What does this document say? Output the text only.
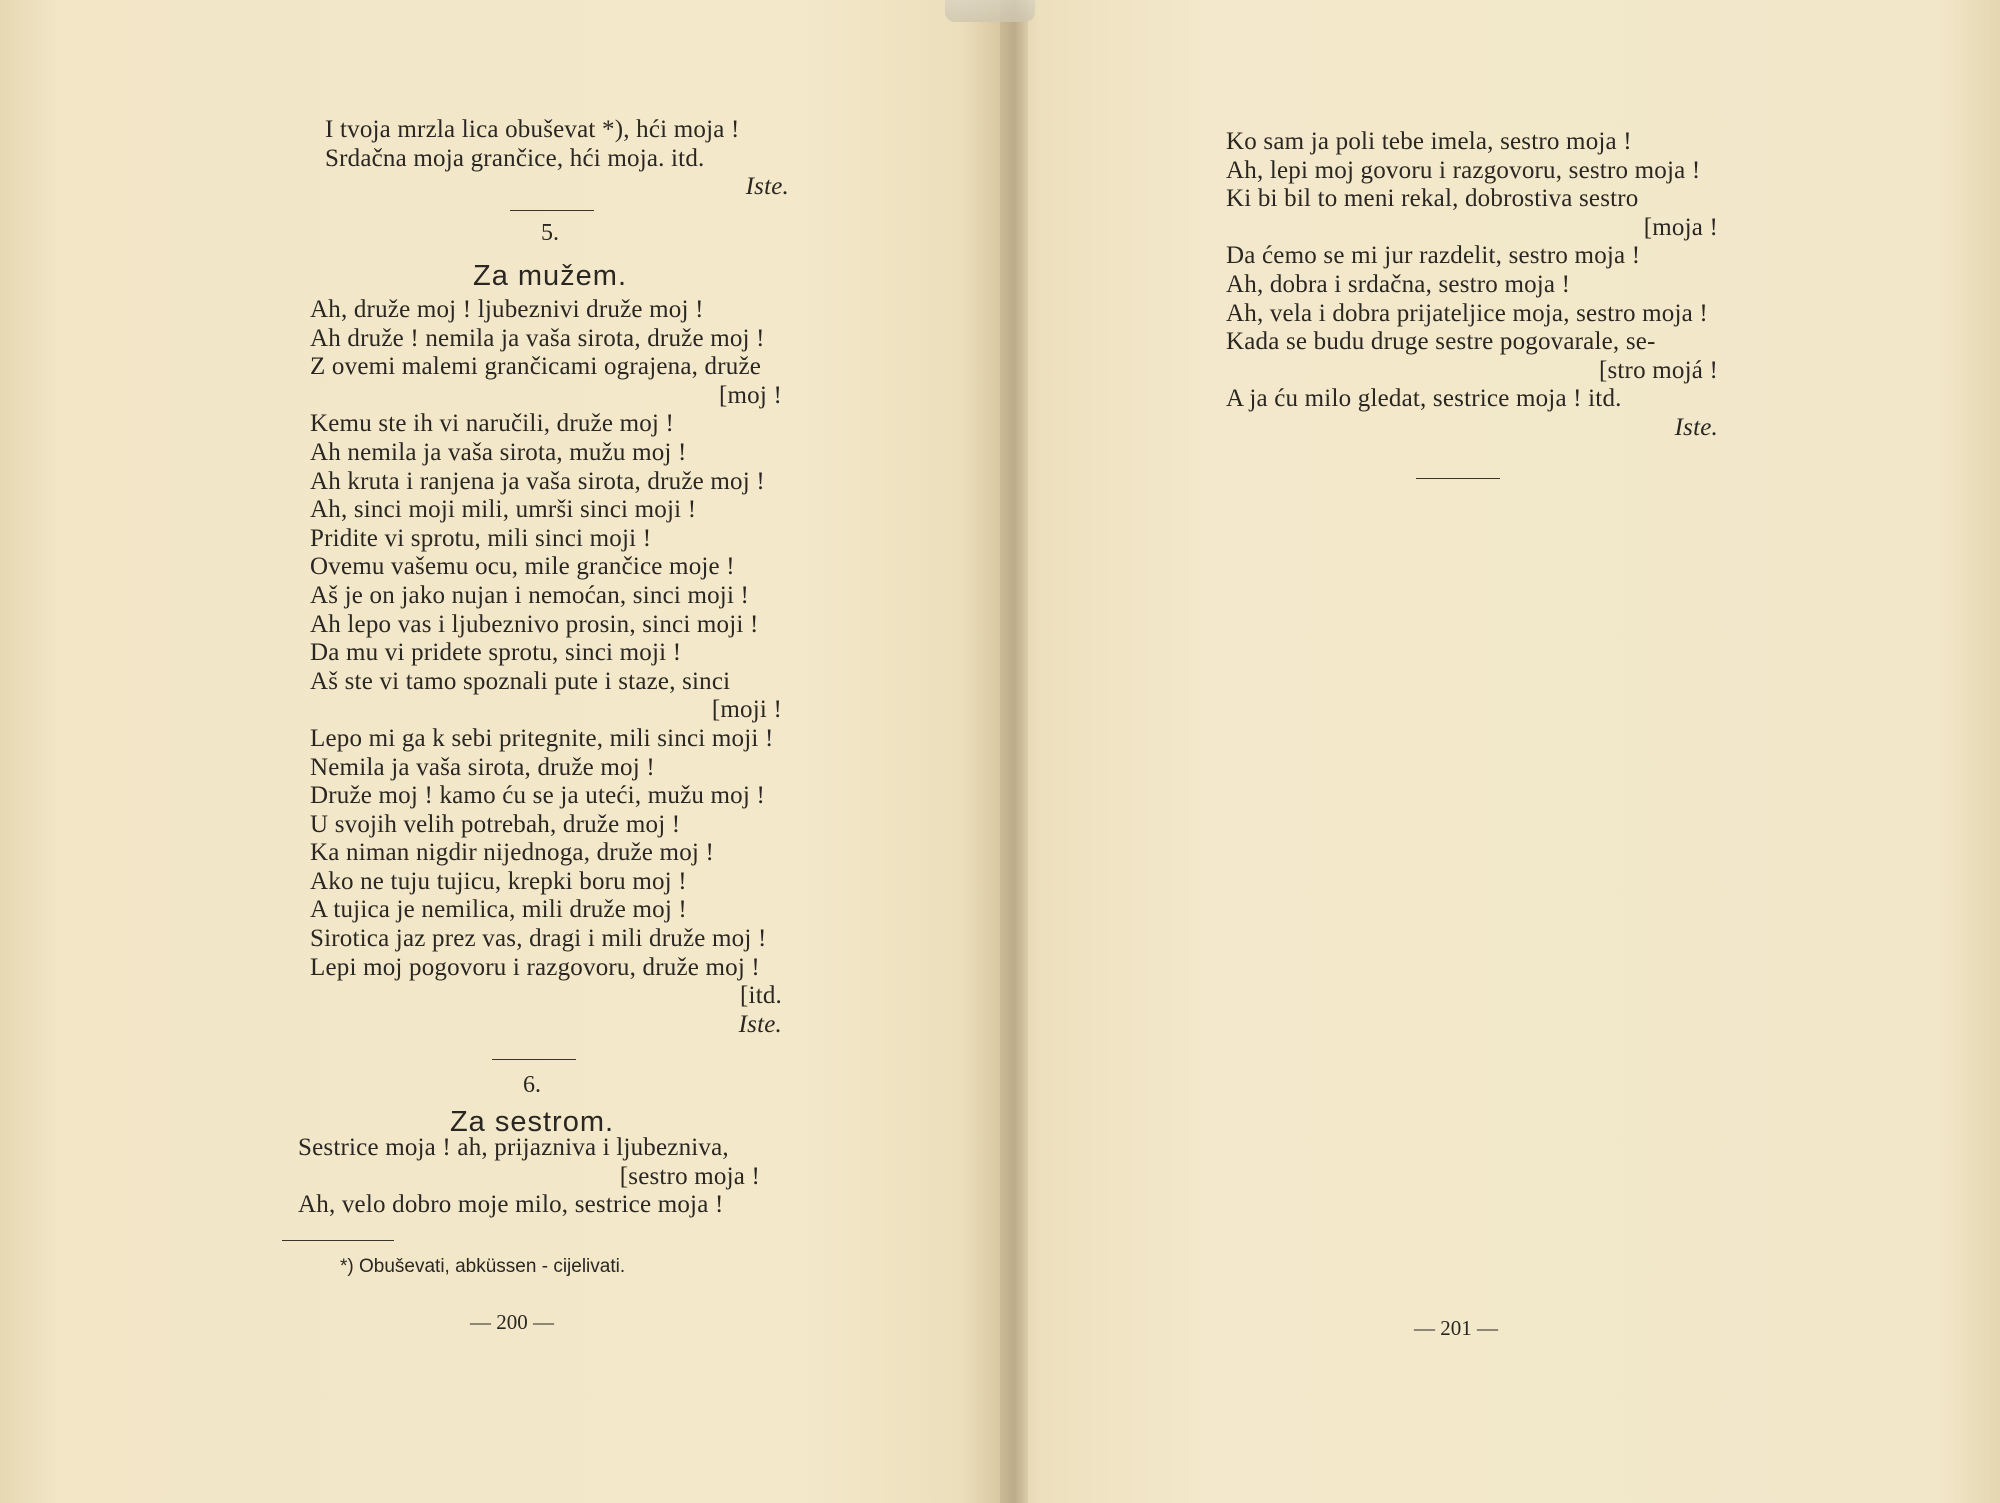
I tvoja mrzla lica obuševat *), hći moja !
Srdačna moja grančice, hći moja. itd.
Iste.
5.
Za mužem.
Ah, druže moj ! ljubeznivi druže moj !
Ah druže ! nemila ja vaša sirota, druže moj !
Z ovemi malemi grančicami ograjena, druže
[moj !
Kemu ste ih vi naručili, druže moj !
Ah nemila ja vaša sirota, mužu moj !
Ah kruta i ranjena ja vaša sirota, druže moj !
Ah, sinci moji mili, umrši sinci moji !
Pridite vi sprotu, mili sinci moji !
Ovemu vašemu ocu, mile grančice moje !
Aš je on jako nujan i nemoćan, sinci moji !
Ah lepo vas i ljubeznivo prosin, sinci moji !
Da mu vi pridete sprotu, sinci moji !
Aš ste vi tamo spoznali pute i staze, sinci
[moji !
Lepo mi ga k sebi pritegnite, mili sinci moji !
Nemila ja vaša sirota, druže moj !
Druže moj ! kamo ću se ja uteći, mužu moj !
U svojih velih potrebah, druže moj !
Ka niman nigdir nijednoga, druže moj !
Ako ne tuju tujicu, krepki boru moj !
A tujica je nemilica, mili druže moj !
Sirotica jaz prez vas, dragi i mili druže moj !
Lepi moj pogovoru i razgovoru, druže moj !
[itd.
Iste.
6.
Za sestrom.
Sestrice moja ! ah, prijazniva i ljubezniva,
[sestro moja !
Ah, velo dobro moje milo, sestrice moja !
*) Obuševati, abküssen - cijelivati.
— 200 —
Ko sam ja poli tebe imela, sestro moja !
Ah, lepi moj govoru i razgovoru, sestro moja !
Ki bi bil to meni rekal, dobrostiva sestro
[moja !
Da ćemo se mi jur razdelit, sestro moja !
Ah, dobra i srdačna, sestro moja !
Ah, vela i dobra prijateljice moja, sestro moja !
Kada se budu druge sestre pogovarale, se-
[stro mojá !
A ja ću milo gledat, sestrice moja ! itd.
Iste.
— 201 —
